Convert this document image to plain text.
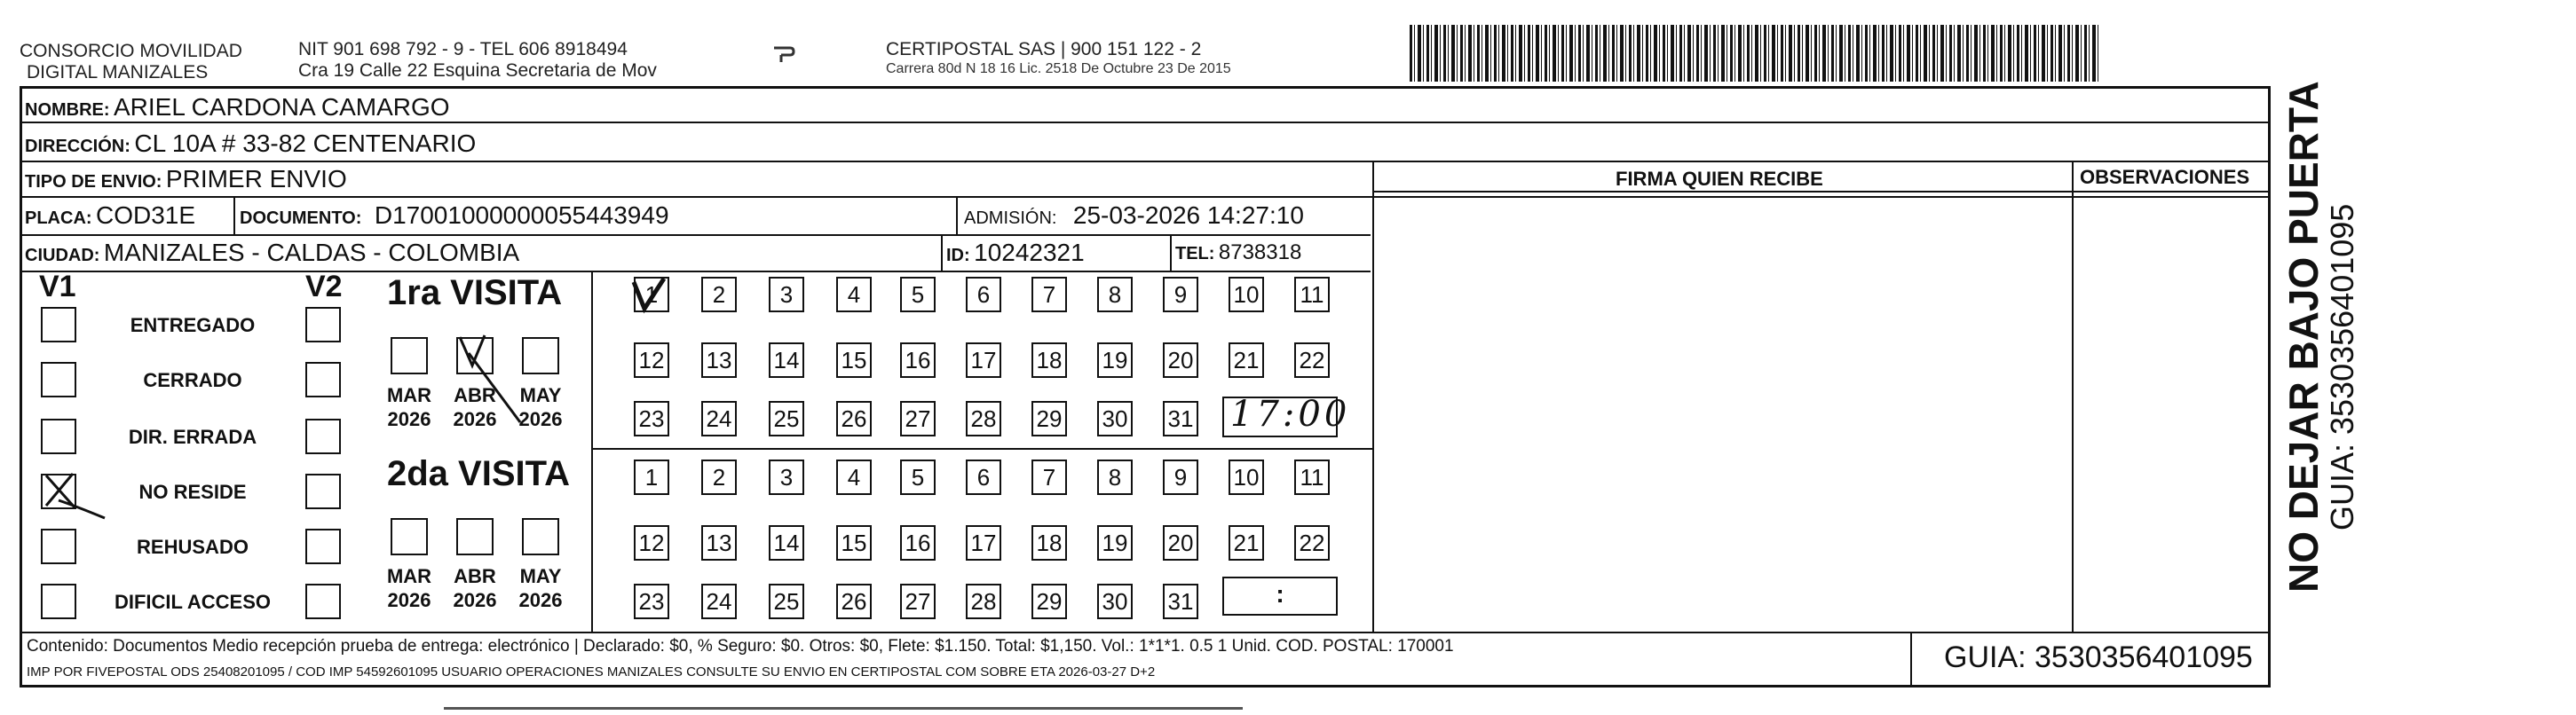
CONSORCIO MOVILIDAD
DIGITAL MANIZALES
NIT 901 698 792 - 9 - TEL 606 8918494
Cra 19 Calle 22 Esquina Secretaria de Mov
CERTIPOSTAL SAS | 900 151 122 - 2
Carrera 80d N 18 16 Lic. 2518 De Octubre 23 De 2015
NOMBRE: ARIEL CARDONA CAMARGO
DIRECCIÓN: CL 10A # 33-82 CENTENARIO
TIPO DE ENVIO: PRIMER ENVIO	FIRMA QUIEN RECIBE	OBSERVACIONES
PLACA: COD31E DOCUMENTO: D17001000000055443949	ADMISIÓN: 25-03-2026 14:27:10
CIUDAD: MANIZALES - CALDAS - COLOMBIA	ID: 10242321	TEL: 8738318
V1	V2
ENTREGADO
CERRADO
DIR. ERRADA
NO RESIDE
REHUSADO
DIFICIL ACCESO
1ra VISITA
2da VISITA
MAR
2026
ABR
2026
MAY
2026
MAR
2026
ABR
2026
MAY
2026
1	2	3	4	5	6	7	8	9	10 11
12 13 14 15 16 17 18 19 20 21 22
23 24 25 26 27 28 29 30 31
1	2	3	4	5	6	7	8	9	10 11
12 13 14 15 16 17 18 19 20 21 22
23 24 25 26 27 28 29 30 31
17:00
:
Contenido: Documentos Medio recepción prueba de entrega: electrónico | Declarado: $0, % Seguro: $0. Otros: $0, Flete: $1.150. Total: $1,150. Vol.: 1*1*1. 0.5 1 Unid. COD. POSTAL: 170001
IMP POR FIVEPOSTAL ODS 25408201095 / COD IMP 54592601095 USUARIO OPERACIONES MANIZALES CONSULTE SU ENVIO EN CERTIPOSTAL COM SOBRE ETA 2026-03-27 D+2	GUIA: 3530356401095
NO DEJAR BAJO PUERTA
GUIA: 3530356401095
